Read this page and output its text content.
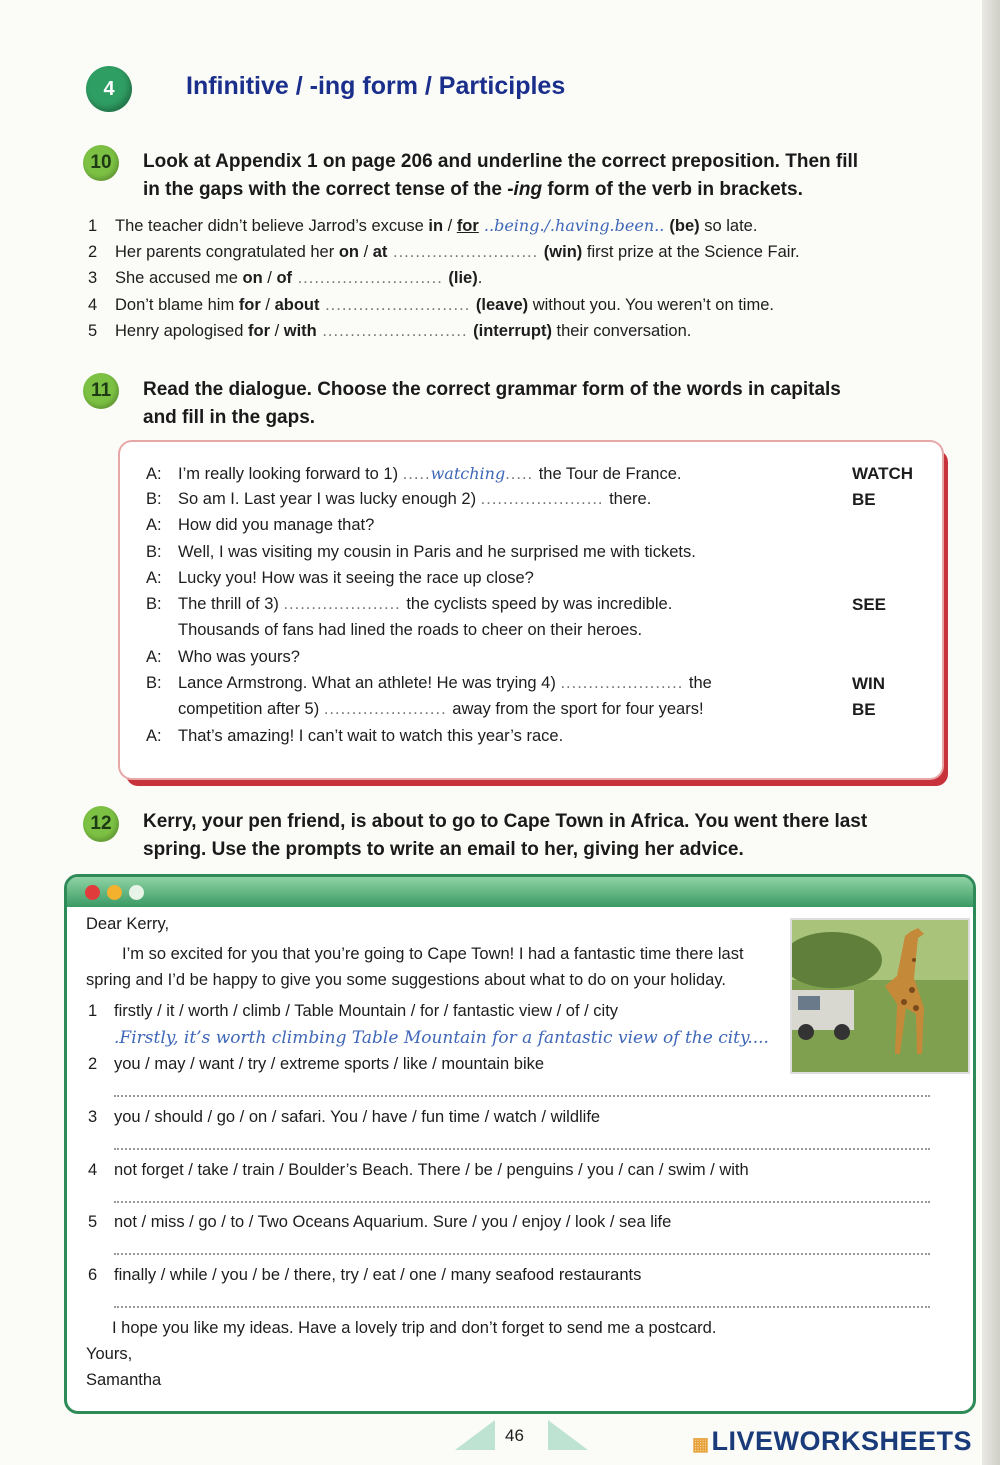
4	Infinitive / -ing form / Participles
10 Look at Appendix 1 on page 206 and underline the correct preposition. Then fill
in the gaps with the correct tense of the -ing form of the verb in brackets.
1 The teacher didn’t believe Jarrod’s excuse in / for ..being./.having.been.. (be) so late.
2 Her parents congratulated her on / at .......................... (win) first prize at the Science Fair.
3 She accused me on / of .......................... (lie).
4 Don’t blame him for / about .......................... (leave) without you. You weren’t on time.
5 Henry apologised for / with .......................... (interrupt) their conversation.
11 Read the dialogue. Choose the correct grammar form of the words in capitals
and fill in the gaps.
A: I’m really looking forward to 1) .....watching..... the Tour de France.
B: So am I. Last year I was lucky enough 2) ...................... there.
A: How did you manage that?
B: Well, I was visiting my cousin in Paris and he surprised me with tickets.
A: Lucky you! How was it seeing the race up close?
B: The thrill of 3) ..................... the cyclists speed by was incredible.
Thousands of fans had lined the roads to cheer on their heroes.
A: Who was yours?
B: Lance Armstrong. What an athlete! He was trying 4) ...................... the
competition after 5) ...................... away from the sport for four years!
A: That’s amazing! I can’t wait to watch this year’s race.
WATCH
BE
SEE
WIN
BE
12 Kerry, your pen friend, is about to go to Cape Town in Africa. You went there last
spring. Use the prompts to write an email to her, giving her advice.
Dear Kerry,
I’m so excited for you that you’re going to Cape Town! I had a fantastic time there last
spring and I’d be happy to give you some suggestions about what to do on your holiday.
1 firstly / it / worth / climb / Table Mountain / for / fantastic view / of / city
.Firstly, it’s worth climbing Table Mountain for a fantastic view of the city....
2 you / may / want / try / extreme sports / like / mountain bike
3 you / should / go / on / safari. You / have / fun time / watch / wildlife
4 not forget / take / train / Boulder’s Beach. There / be / penguins / you / can / swim / with
5 not / miss / go / to / Two Oceans Aquarium. Sure / you / enjoy / look / sea life
6 finally / while / you / be / there, try / eat / one / many seafood restaurants
I hope you like my ideas. Have a lovely trip and don’t forget to send me a postcard.
Yours,
Samantha
46	▦LIVEWORKSHEETS
